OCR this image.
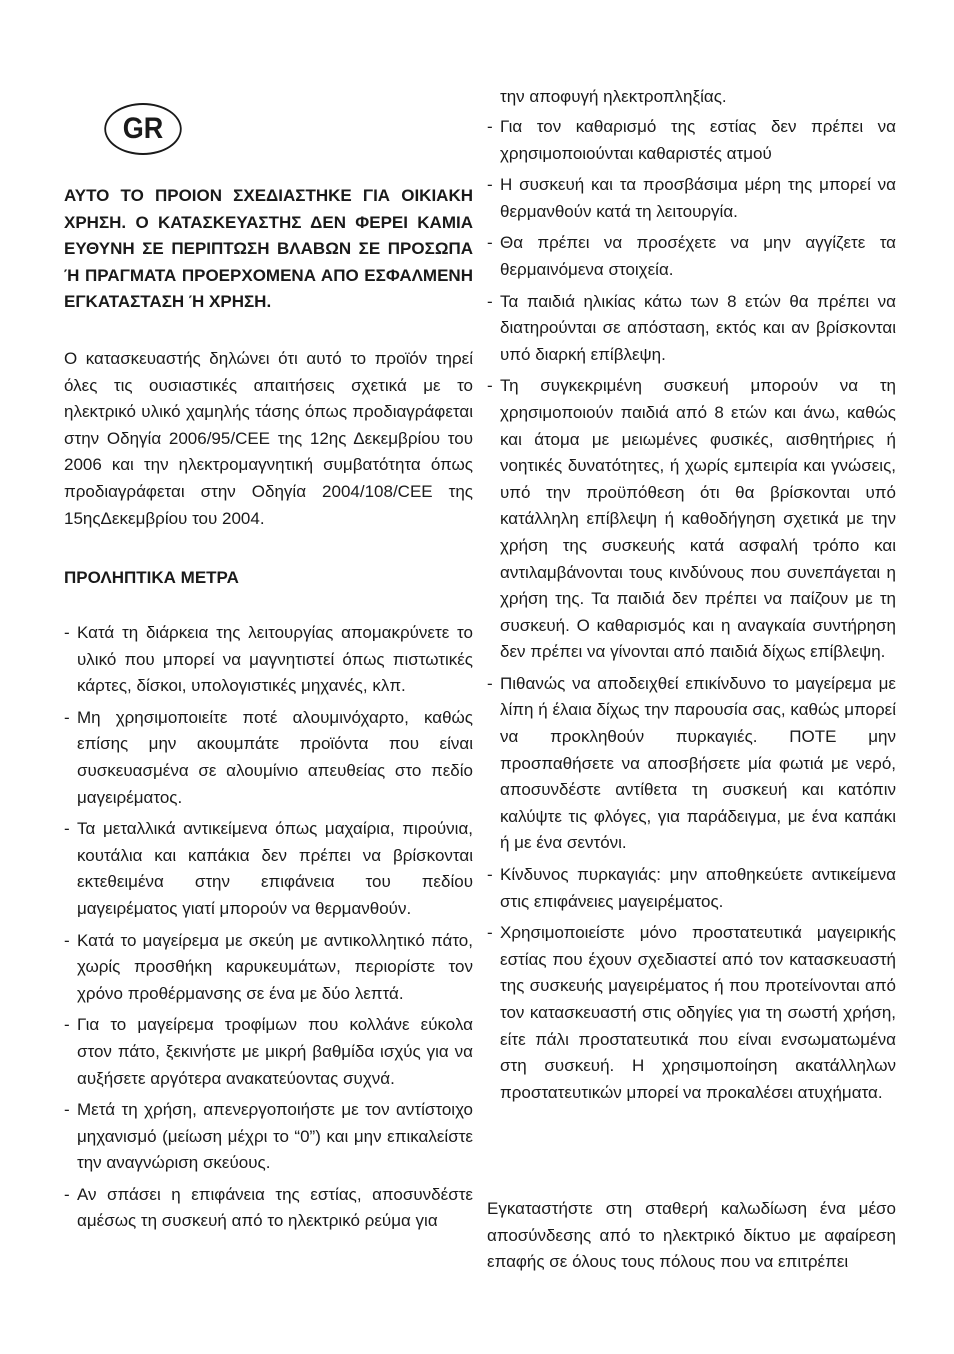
GR
ΑΥΤΟ ΤΟ ΠΡΟΙΟΝ ΣΧΕΔΙΑΣΤΗΚΕ ΓΙΑ ΟΙΚΙΑΚΗ ΧΡΗΣΗ. Ο ΚΑΤΑΣΚΕΥΑΣΤΗΣ ΔΕΝ ΦΕΡΕΙ ΚΑΜΙΑ ΕΥΘΥΝΗ ΣΕ ΠΕΡΙΠΤΩΣΗ ΒΛΑΒΩΝ ΣΕ ΠΡΟΣΩΠΑ Ή ΠΡΑΓΜΑΤΑ ΠΡΟΕΡΧΟΜΕΝΑ ΑΠΟ ΕΣΦΑΛΜΕΝΗ ΕΓΚΑΤΑΣΤΑΣΗ Ή ΧΡΗΣΗ.
Ο κατασκευαστής δηλώνει ότι αυτό το προϊόν τηρεί όλες τις ουσιαστικές απαιτήσεις σχετικά με το ηλεκτρικό υλικό χαμηλής τάσης όπως προδιαγράφεται στην Οδηγία 2006/95/CEE της 12ης Δεκεμβρίου του 2006 και την ηλεκτρομαγνητική συμβατότητα όπως προδιαγράφεται στην Οδηγία 2004/108/CEE της 15ηςΔεκεμβρίου του 2004.
ΠΡΟΛΗΠΤΙΚΑ ΜΕΤΡΑ
- Κατά τη διάρκεια της λειτουργίας απομακρύνετε το υλικό που μπορεί να μαγνητιστεί όπως πιστωτικές κάρτες, δίσκοι, υπολογιστικές μηχανές, κλπ.
- Μη χρησιμοποιείτε ποτέ αλουμινόχαρτο, καθώς επίσης μην ακουμπάτε προϊόντα που είναι συσκευασμένα σε αλουμίνιο απευθείας στο πεδίο μαγειρέματος.
- Τα μεταλλικά αντικείμενα όπως μαχαίρια, πιρούνια, κουτάλια και καπάκια δεν πρέπει να βρίσκονται εκτεθειμένα στην επιφάνεια του πεδίου μαγειρέματος γιατί μπορούν να θερμανθούν.
- Κατά το μαγείρεμα με σκεύη με αντικολλητικό πάτο, χωρίς προσθήκη καρυκευμάτων, περιορίστε τον χρόνο προθέρμανσης σε ένα με δύο λεπτά.
- Για το μαγείρεμα τροφίμων που κολλάνε εύκολα στον πάτο, ξεκινήστε με μικρή βαθμίδα ισχύς για να αυξήσετε αργότερα ανακατεύοντας συχνά.
- Μετά τη χρήση, απενεργοποιήστε με τον αντίστοιχο μηχανισμό (μείωση μέχρι το “0”) και μην επικαλείστε την αναγνώριση σκεύους.
- Αν σπάσει η επιφάνεια της εστίας, αποσυνδέστε αμέσως τη συσκευή από το ηλεκτρικό ρεύμα για
την αποφυγή ηλεκτροπληξίας.
- Για τον καθαρισμό της εστίας δεν πρέπει να χρησιμοποιούνται καθαριστές ατμού
- Η συσκευή και τα προσβάσιμα μέρη της μπορεί να θερμανθούν κατά τη λειτουργία.
- Θα πρέπει να προσέχετε να μην αγγίζετε τα θερμαινόμενα στοιχεία.
- Τα παιδιά ηλικίας κάτω των 8 ετών θα πρέπει να διατηρούνται σε απόσταση, εκτός και αν βρίσκονται υπό διαρκή επίβλεψη.
- Τη συγκεκριμένη συσκευή μπορούν να τη χρησιμοποιούν παιδιά από 8 ετών και άνω, καθώς και άτομα με μειωμένες φυσικές, αισθητήριες ή νοητικές δυνατότητες, ή χωρίς εμπειρία και γνώσεις, υπό την προϋπόθεση ότι θα βρίσκονται υπό κατάλληλη επίβλεψη ή καθοδήγηση σχετικά με την χρήση της συσκευής κατά ασφαλή τρόπο και αντιλαμβάνονται τους κινδύνους που συνεπάγεται η χρήση της. Τα παιδιά δεν πρέπει να παίζουν με τη συσκευή. Ο καθαρισμός και η αναγκαία συντήρηση δεν πρέπει να γίνονται από παιδιά δίχως επίβλεψη.
- Πιθανώς να αποδειχθεί επικίνδυνο το μαγείρεμα με λίπη ή έλαια δίχως την παρουσία σας, καθώς μπορεί να προκληθούν πυρκαγιές. ΠΟΤΕ μην προσπαθήσετε να αποσβήσετε μία φωτιά με νερό, αποσυνδέστε αντίθετα τη συσκευή και κατόπιν καλύψτε τις φλόγες, για παράδειγμα, με ένα καπάκι ή με ένα σεντόνι.
- Κίνδυνος πυρκαγιάς: μην αποθηκεύετε αντικείμενα στις επιφάνειες μαγειρέματος.
- Χρησιμοποιείστε μόνο προστατευτικά μαγειρικής εστίας που έχουν σχεδιαστεί από τον κατασκευαστή της συσκευής μαγειρέματος ή που προτείνονται από τον κατασκευαστή στις οδηγίες για τη σωστή χρήση, είτε πάλι προστατευτικά που είναι ενσωματωμένα στη συσκευή. Η χρησιμοποίηση ακατάλληλων προστατευτικών μπορεί να προκαλέσει ατυχήματα.
Εγκαταστήστε στη σταθερή καλωδίωση ένα μέσο αποσύνδεσης από το ηλεκτρικό δίκτυο με αφαίρεση επαφής σε όλους τους πόλους που να επιτρέπει
